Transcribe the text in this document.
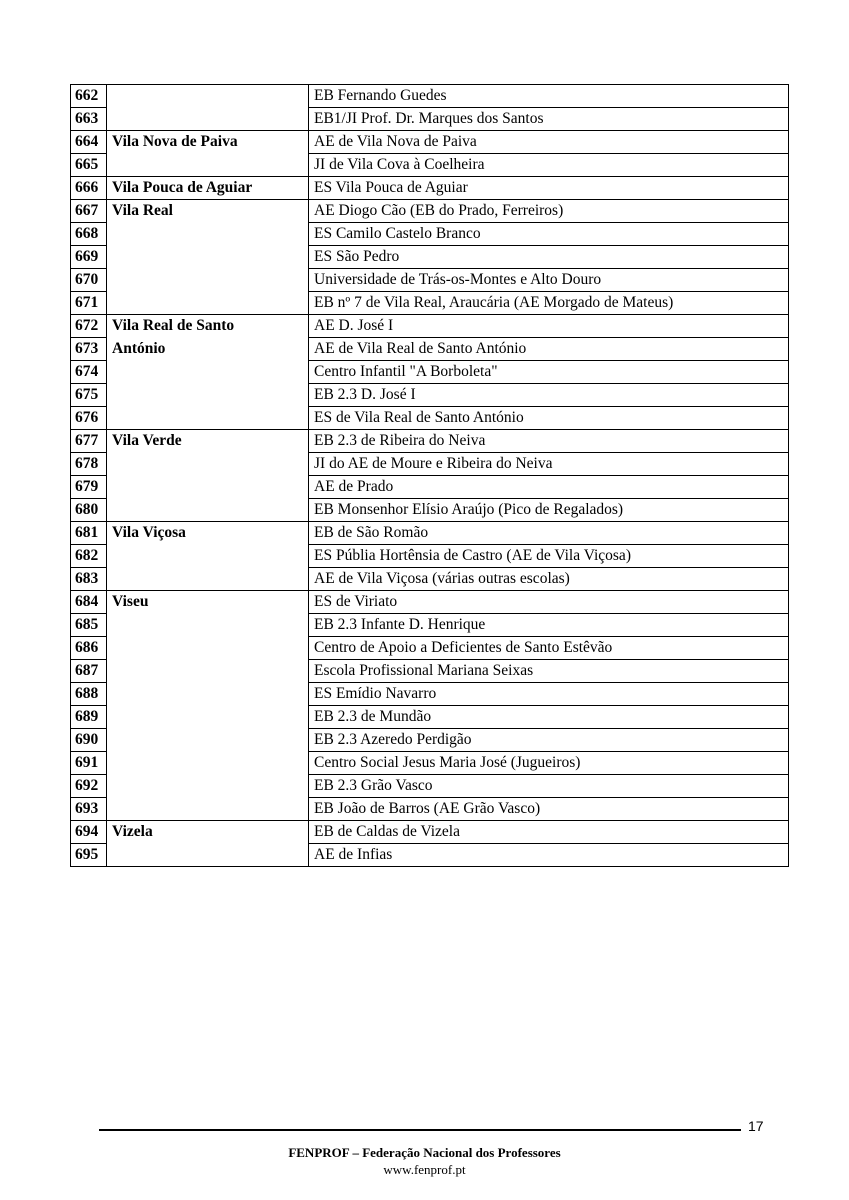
662		EB Fernando Guedes
663		EB1/JI Prof. Dr. Marques dos Santos
664	Vila Nova de Paiva	AE de Vila Nova de Paiva
665		JI de Vila Cova à Coelheira
666	Vila Pouca de Aguiar	ES Vila Pouca de Aguiar
667	Vila Real	AE Diogo Cão (EB do Prado, Ferreiros)
668		ES Camilo Castelo Branco
669		ES São Pedro
670		Universidade de Trás-os-Montes e Alto Douro
671		EB nº 7 de Vila Real, Araucária (AE Morgado de Mateus)
672	Vila Real de Santo	AE D. José I
673	António	AE de Vila Real de Santo António
674		Centro Infantil "A Borboleta"
675		EB 2.3 D. José I
676		ES de Vila Real de Santo António
677	Vila Verde	EB 2.3 de Ribeira do Neiva
678		JI do AE de Moure e Ribeira do Neiva
679		AE de Prado
680		EB Monsenhor Elísio Araújo (Pico de Regalados)
681	Vila Viçosa	EB de São Romão
682		ES Públia Hortênsia de Castro (AE de Vila Viçosa)
683		AE de Vila Viçosa (várias outras escolas)
684	Viseu	ES de Viriato
685		EB 2.3 Infante D. Henrique
686		Centro de Apoio a Deficientes de Santo Estêvão
687		Escola Profissional Mariana Seixas
688		ES Emídio Navarro
689		EB 2.3 de Mundão
690		EB 2.3 Azeredo Perdigão
691		Centro Social Jesus Maria José (Jugueiros)
692		EB 2.3 Grão Vasco
693		EB João de Barros (AE Grão Vasco)
694	Vizela	EB de Caldas de Vizela
695		AE de Infias
17
FENPROF – Federação Nacional dos Professores
www.fenprof.pt
